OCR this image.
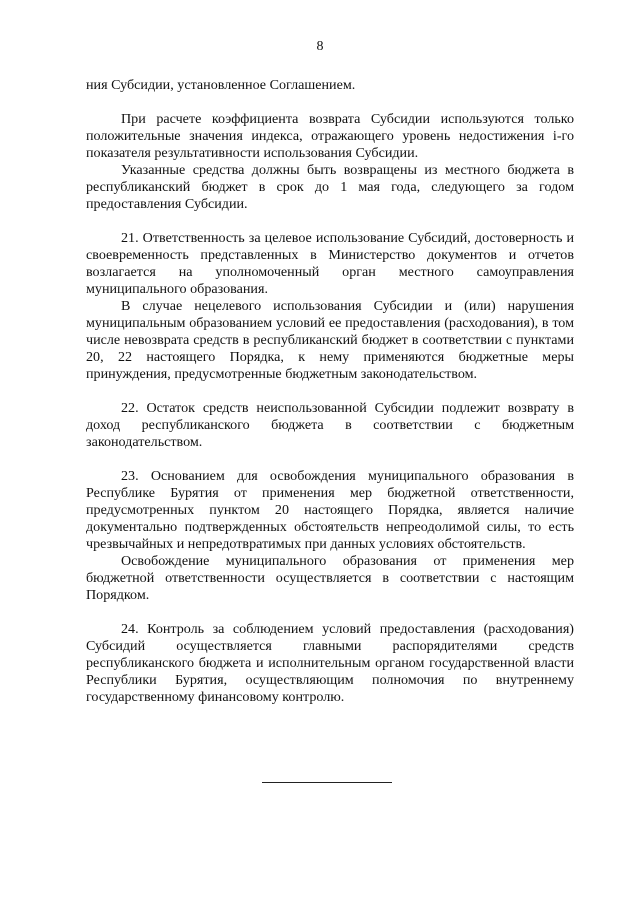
8

ния Субсидии, установленное Соглашением.

При расчете коэффициента возврата Субсидии используются только положительные значения индекса, отражающего уровень недостижения i-го показателя результативности использования Субсидии.

Указанные средства должны быть возвращены из местного бюджета в республиканский бюджет в срок до 1 мая года, следующего за годом предоставления Субсидии.

21. Ответственность за целевое использование Субсидий, достоверность и своевременность представленных в Министерство документов и отчетов возлагается на уполномоченный орган местного самоуправления муниципального образования.

В случае нецелевого использования Субсидии и (или) нарушения муниципальным образованием условий ее предоставления (расходования), в том числе невозврата средств в республиканский бюджет в соответствии с пунктами 20, 22 настоящего Порядка, к нему применяются бюджетные меры принуждения, предусмотренные бюджетным законодательством.

22. Остаток средств неиспользованной Субсидии подлежит возврату в доход республиканского бюджета в соответствии с бюджетным законодательством.

23. Основанием для освобождения муниципального образования в Республике Бурятия от применения мер бюджетной ответственности, предусмотренных пунктом 20 настоящего Порядка, является наличие документально подтвержденных обстоятельств непреодолимой силы, то есть чрезвычайных и непредотвратимых при данных условиях обстоятельств.

Освобождение муниципального образования от применения мер бюджетной ответственности осуществляется в соответствии с настоящим Порядком.

24. Контроль за соблюдением условий предоставления (расходования) Субсидий осуществляется главными распорядителями средств республиканского бюджета и исполнительным органом государственной власти Республики Бурятия, осуществляющим полномочия по внутреннему государственному финансовому контролю.
